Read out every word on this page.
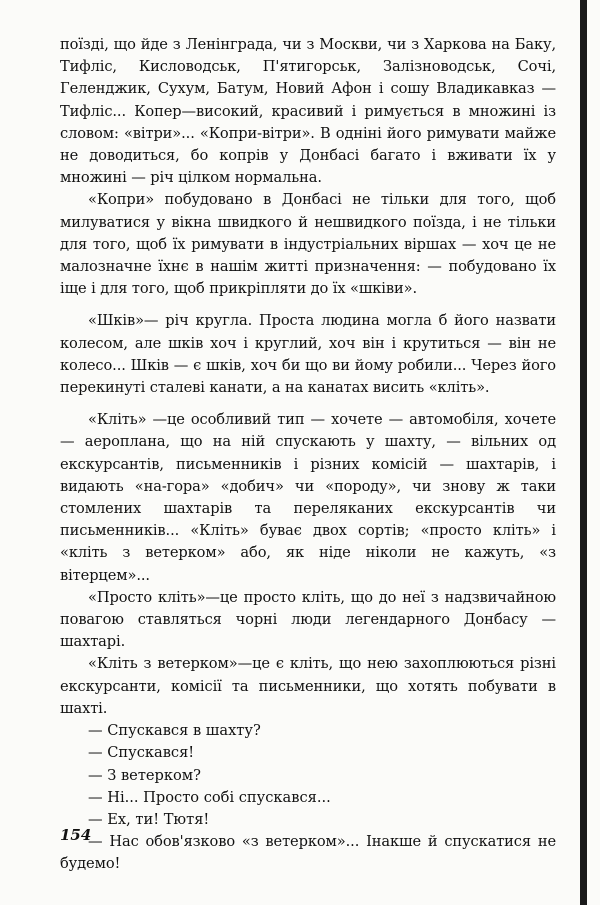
поїзді, що йде з Ленінграда, чи з Москви, чи з Харкова на Баку, Тифліс, Кисловодськ, П'ятигорськ, Залізноводськ, Сочі, Геленджик, Сухум, Батум, Новий Афон і сошу Владикавказ — Тифліс... Копер—високий, красивий і римується в множині із словом: «вітри»... «Копри-вітри». В одніні його римувати майже не доводиться, бо копрів у Донбасі багато і вживати їх у множині — річ цілком нормальна.

«Копри» побудовано в Донбасі не тільки для того, щоб милуватися у вікна швидкого й нешвидкого поїзда, і не тільки для того, щоб їх римувати в індустріальних віршах — хоч це не малозначне їхнє в нашім житті призначення: — побудовано їх іще і для того, щоб прикріпляти до їх «шківи».

«Шків»— річ кругла. Проста людина могла б його назвати колесом, але шків хоч і круглий, хоч він і крутиться — він не колесо... Шків — є шків, хоч би що ви йому робили... Через його перекинуті сталеві канати, а на канатах висить «кліть».

«Кліть» —це особливий тип — хочете — автомобіля, хочете — аероплана, що на ній спускають у шахту, — вільних од екскурсантів, письменників і різних комісій — шахтарів, і видають «на-гора» «добич» чи «породу», чи знову ж таки стомлених шахтарів та переляканих екскурсантів чи письменників... «Кліть» буває двох сортів; «просто кліть» і «кліть з ветерком» або, як ніде ніколи не кажуть, «з вітерцем»...

«Просто кліть»—це просто кліть, що до неї з надзвичайною повагою ставляться чорні люди легендарного Донбасу — шахтарі.

«Кліть з ветерком»—це є кліть, що нею захоплюються різні екскурсанти, комісії та письменники, що хотять побувати в шахті.

— Спускався в шахту?

— Спускався!

— З ветерком?

— Ні... Просто собі спускався...

— Ех, ти! Тютя!

— Нас обов'язково «з ветерком»... Інакше й спускатися не будемо!

154
